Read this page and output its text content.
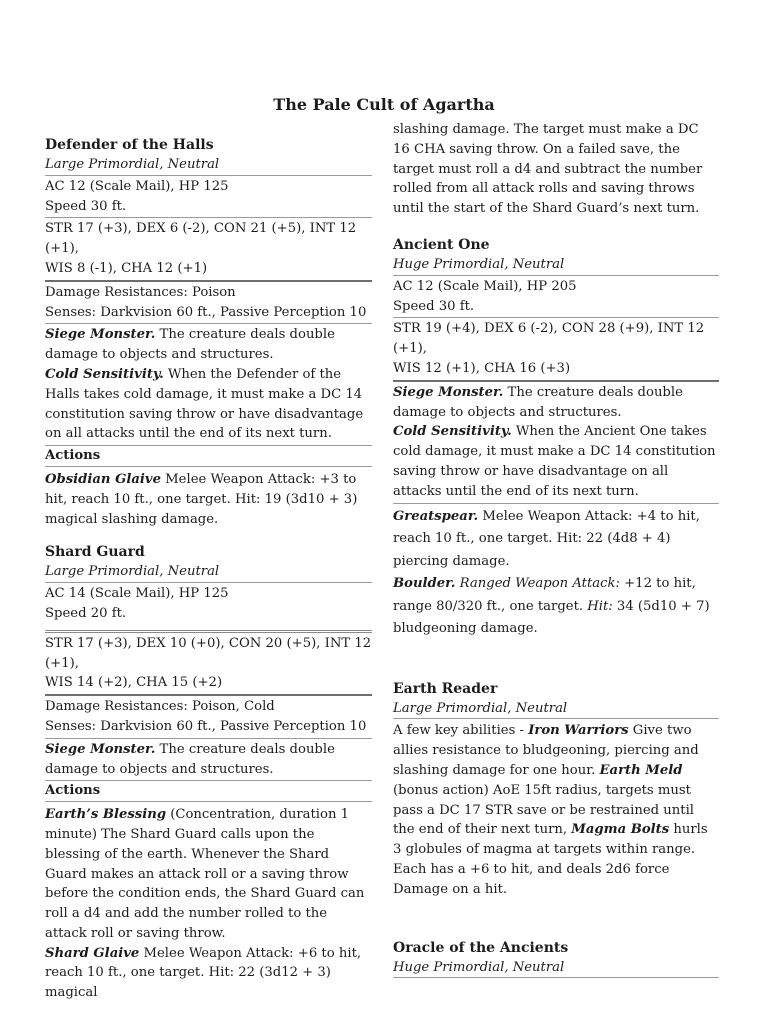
The Pale Cult of Agartha
Defender of the Halls
Large Primordial, Neutral
AC 12 (Scale Mail), HP 125
Speed 30 ft.
STR 17 (+3), DEX 6 (-2), CON 21 (+5), INT 12 (+1),
WIS 8 (-1), CHA 12 (+1)
Damage Resistances: Poison
Senses: Darkvision 60 ft., Passive Perception 10
Siege Monster. The creature deals double damage to objects and structures.
Cold Sensitivity. When the Defender of the Halls takes cold damage, it must make a DC 14 constitution saving throw or have disadvantage on all attacks until the end of its next turn.
Actions
Obsidian Glaive Melee Weapon Attack: +3 to hit, reach 10 ft., one target. Hit: 19 (3d10 + 3) magical slashing damage.
Shard Guard
Large Primordial, Neutral
AC 14 (Scale Mail), HP 125
Speed 20 ft.
STR 17 (+3), DEX 10 (+0), CON 20 (+5), INT 12 (+1),
WIS 14 (+2), CHA 15 (+2)
Damage Resistances: Poison, Cold
Senses: Darkvision 60 ft., Passive Perception 10
Siege Monster. The creature deals double damage to objects and structures.
Actions
Earth’s Blessing (Concentration, duration 1 minute) The Shard Guard calls upon the blessing of the earth. Whenever the Shard Guard makes an attack roll or a saving throw before the condition ends, the Shard Guard can roll a d4 and add the number rolled to the attack roll or saving throw.
Shard Glaive Melee Weapon Attack: +6 to hit, reach 10 ft., one target. Hit: 22 (3d12 + 3) magical
slashing damage. The target must make a DC 16 CHA saving throw. On a failed save, the target must roll a d4 and subtract the number rolled from all attack rolls and saving throws until the start of the Shard Guard’s next turn.
Ancient One
Huge Primordial, Neutral
AC 12 (Scale Mail), HP 205
Speed 30 ft.
STR 19 (+4), DEX 6 (-2), CON 28 (+9), INT 12 (+1),
WIS 12 (+1), CHA 16 (+3)
Siege Monster. The creature deals double damage to objects and structures.
Cold Sensitivity. When the Ancient One takes cold damage, it must make a DC 14 constitution saving throw or have disadvantage on all attacks until the end of its next turn.
Greatspear. Melee Weapon Attack: +4 to hit, reach 10 ft., one target. Hit: 22 (4d8 + 4) piercing damage.
Boulder. Ranged Weapon Attack: +12 to hit, range 80/320 ft., one target. Hit: 34 (5d10 + 7) bludgeoning damage.
Earth Reader
Large Primordial, Neutral
A few key abilities - Iron Warriors Give two allies resistance to bludgeoning, piercing and slashing damage for one hour. Earth Meld (bonus action) AoE 15ft radius, targets must pass a DC 17 STR save or be restrained until the end of their next turn, Magma Bolts hurls 3 globules of magma at targets within range. Each has a +6 to hit, and deals 2d6 force Damage on a hit.
Oracle of the Ancients
Huge Primordial, Neutral
